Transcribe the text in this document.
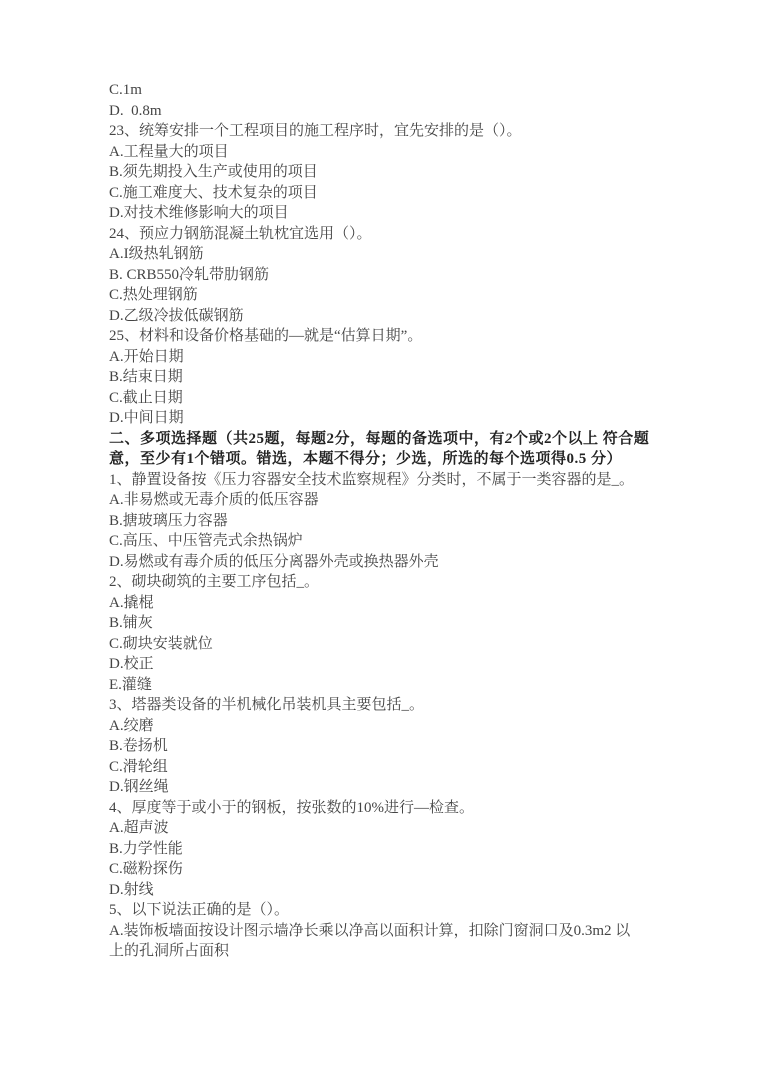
C.1m
D.  0.8m
23、统筹安排一个工程项目的施工程序时，宜先安排的是（）。
A.工程量大的项目
B.须先期投入生产或使用的项目
C.施工难度大、技术复杂的项目
D.对技术维修影响大的项目
24、预应力钢筋混凝土轨枕宜选用（）。
A.I级热轧钢筋
B. CRB550冷轧带肋钢筋
C.热处理钢筋
D.乙级冷拔低碳钢筋
25、材料和设备价格基础的—就是“估算日期”。
A.开始日期
B.结束日期
C.截止日期
D.中间日期
二、多项选择题（共25题，每题2分，每题的备选项中，有2个或2个以上 符合题
意，至少有1个错项。错选，本题不得分；少选，所选的每个选项得0.5 分）
1、静置设备按《压力容器安全技术监察规程》分类时，不属于一类容器的是_。
A.非易燃或无毒介质的低压容器
B.搪玻璃压力容器
C.高压、中压管壳式余热锅炉
D.易燃或有毒介质的低压分离器外壳或换热器外壳
2、砌块砌筑的主要工序包括_。
A.撬棍
B.铺灰
C.砌块安装就位
D.校正
E.灌缝
3、塔器类设备的半机械化吊装机具主要包括_。
A.绞磨
B.卷扬机
C.滑轮组
D.钢丝绳
4、厚度等于或小于的钢板，按张数的10%进行—检查。
A.超声波
B.力学性能
C.磁粉探伤
D.射线
5、以下说法正确的是（）。
A.装饰板墙面按设计图示墙净长乘以净高以面积计算，扣除门窗洞口及0.3m2 以
上的孔洞所占面积
